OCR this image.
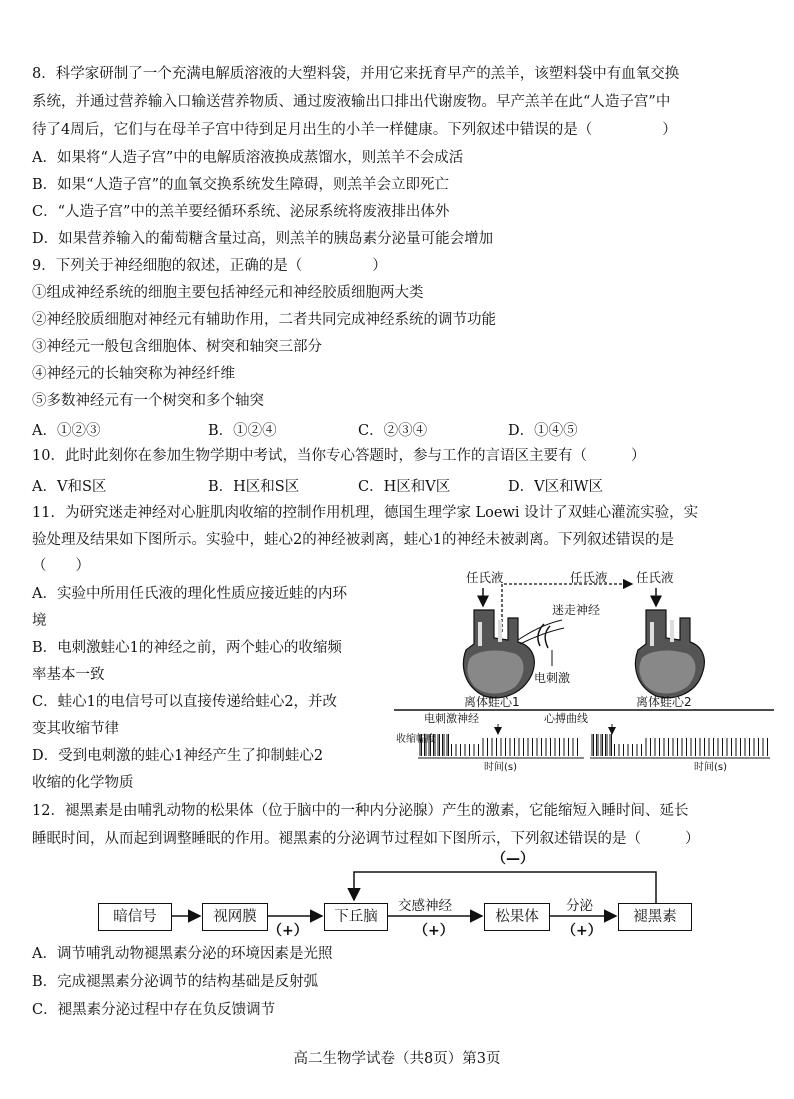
8．科学家研制了一个充满电解质溶液的大塑料袋，并用它来抚育早产的羔羊，该塑料袋中有血氧交换
系统，并通过营养输入口输送营养物质、通过废液输出口排出代谢废物。早产羔羊在此“人造子宫”中
待了4周后，它们与在母羊子宫中待到足月出生的小羊一样健康。下列叙述中错误的是（	）
A．如果将“人造子宫”中的电解质溶液换成蒸馏水，则羔羊不会成活
B．如果“人造子宫”的血氧交换系统发生障碍，则羔羊会立即死亡
C．“人造子宫”中的羔羊要经循环系统、泌尿系统将废液排出体外
D．如果营养输入的葡萄糖含量过高，则羔羊的胰岛素分泌量可能会增加
9．下列关于神经细胞的叙述，正确的是（	）
①组成神经系统的细胞主要包括神经元和神经胶质细胞两大类
②神经胶质细胞对神经元有辅助作用，二者共同完成神经系统的调节功能
③神经元一般包含细胞体、树突和轴突三部分
④神经元的长轴突称为神经纤维
⑤多数神经元有一个树突和多个轴突
A．①②③	B．①②④	C．②③④	D．①④⑤
10．此时此刻你在参加生物学期中考试，当你专心答题时，参与工作的言语区主要有（	）
A．V和S区	B．H区和S区	C．H区和V区	D．V区和W区
11．为研究迷走神经对心脏肌肉收缩的控制作用机理，德国生理学家 Loewi 设计了双蛙心灌流实验，实
验处理及结果如下图所示。实验中，蛙心2的神经被剥离，蛙心1的神经未被剥离。下列叙述错误的是
（　　）
A．实验中所用任氏液的理化性质应接近蛙的内环
境
B．电刺激蛙心1的神经之前，两个蛙心的收缩频
率基本一致
C．蛙心1的电信号可以直接传递给蛙心2，并改
变其收缩节律
D．受到电刺激的蛙心1神经产生了抑制蛙心2
收缩的化学物质
任氏液	任氏液 任氏液
迷走神经
电刺激
离体蛙心1	离体蛙心2
电刺激神经	心搏曲线
收缩幅度
时间(s)	时间(s)
12．褪黑素是由哺乳动物的松果体（位于脑中的一种内分泌腺）产生的激素，它能缩短入睡时间、延长
睡眠时间，从而起到调整睡眠的作用。褪黑素的分泌调节过程如下图所示，下列叙述错误的是（	）
暗信号	视网膜	下丘脑	松果体	褪黑素
（—）
交感神经	分泌
（+）	（+）	（+）
A．调节哺乳动物褪黑素分泌的环境因素是光照
B．完成褪黑素分泌调节的结构基础是反射弧
C．褪黑素分泌过程中存在负反馈调节
高二生物学试卷（共8页）第3页
